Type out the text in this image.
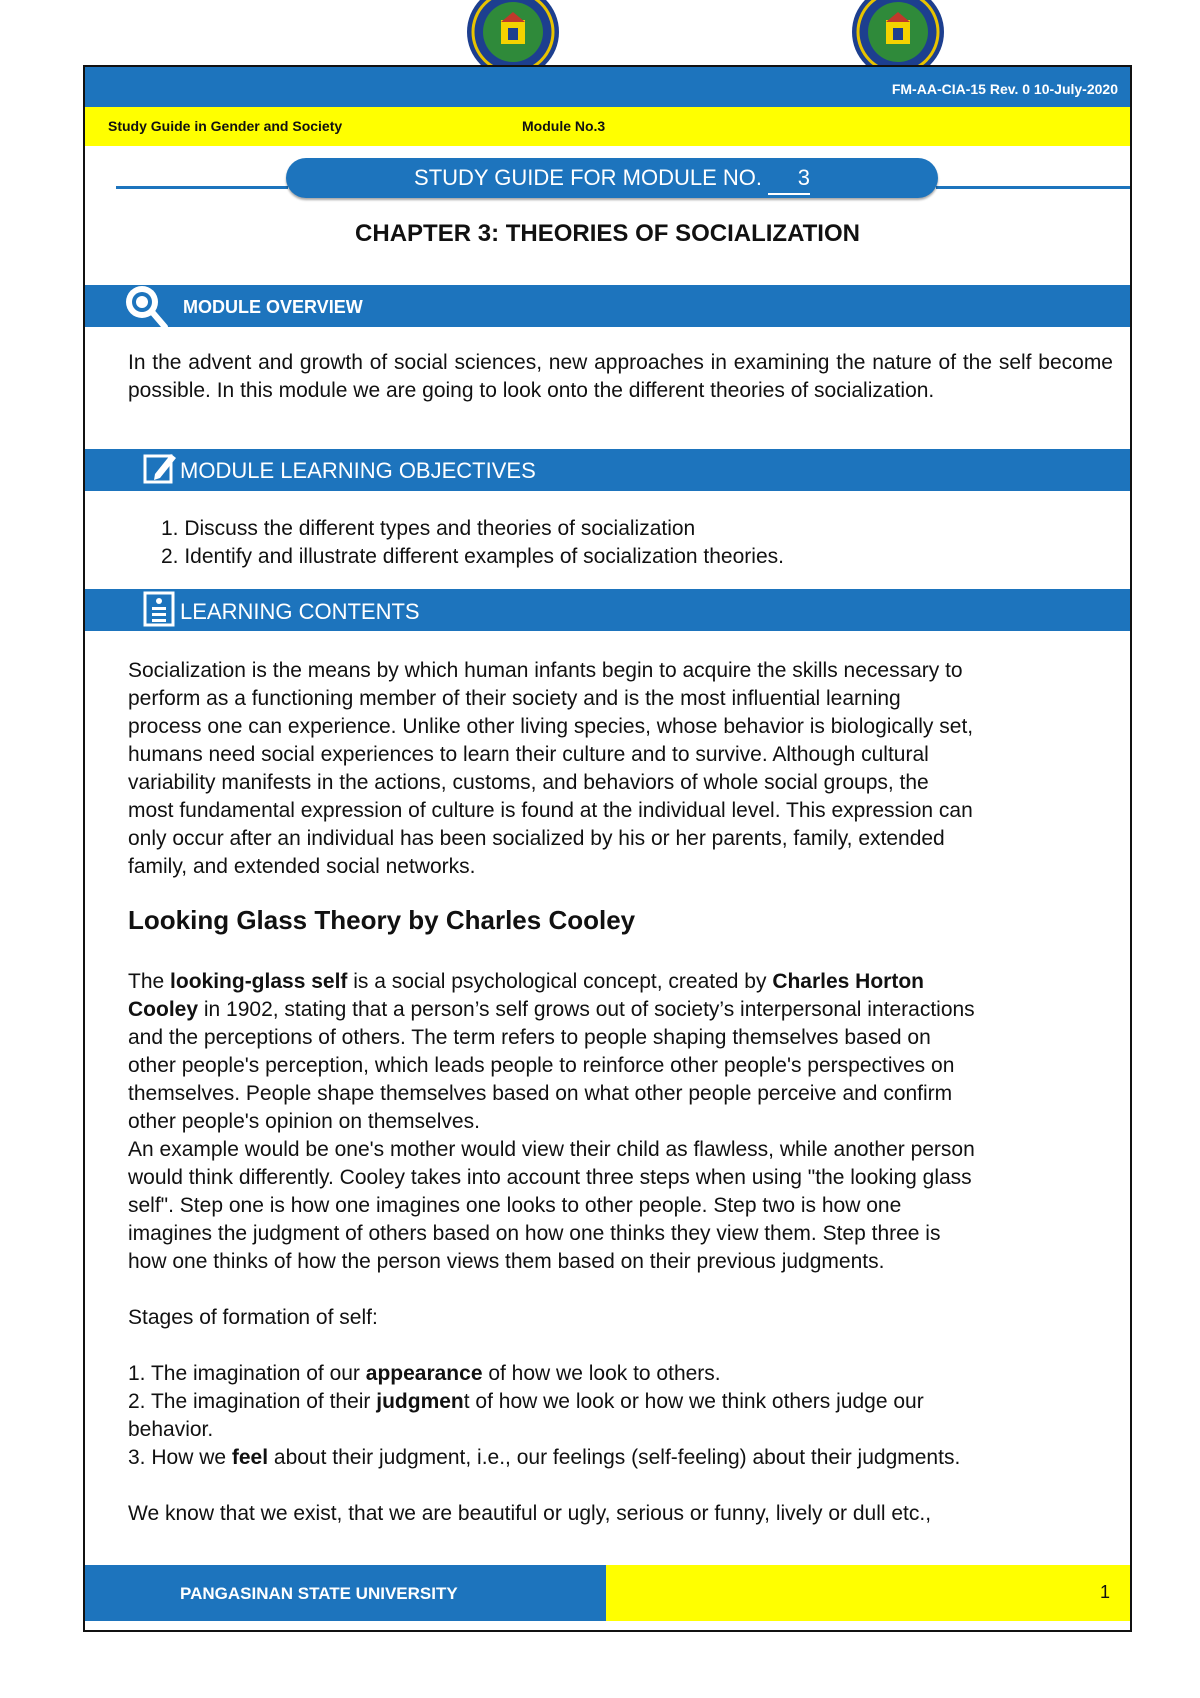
FM-AA-CIA-15 Rev. 0 10-July-2020
Study Guide in Gender and Society	Module No.3
STUDY GUIDE FOR MODULE NO. 3
CHAPTER 3: THEORIES OF SOCIALIZATION
MODULE OVERVIEW

In the advent and growth of social sciences, new approaches in examining the nature of the self become possible. In this module we are going to look onto the different theories of socialization.

MODULE LEARNING OBJECTIVES
1. Discuss the different types and theories of socialization
2. Identify and illustrate different examples of socialization theories.
LEARNING CONTENTS
Socialization is the means by which human infants begin to acquire the skills necessary to
perform as a functioning member of their society and is the most influential learning
process one can experience. Unlike other living species, whose behavior is biologically set,
humans need social experiences to learn their culture and to survive. Although cultural
variability manifests in the actions, customs, and behaviors of whole social groups, the
most fundamental expression of culture is found at the individual level. This expression can
only occur after an individual has been socialized by his or her parents, family, extended
family, and extended social networks.
Looking Glass Theory by Charles Cooley
The looking-glass self is a social psychological concept, created by Charles Horton
Cooley in 1902, stating that a person’s self grows out of society’s interpersonal interactions
and the perceptions of others. The term refers to people shaping themselves based on
other people's perception, which leads people to reinforce other people's perspectives on
themselves. People shape themselves based on what other people perceive and confirm
other people's opinion on themselves.
An example would be one's mother would view their child as flawless, while another person
would think differently. Cooley takes into account three steps when using "the looking glass
self". Step one is how one imagines one looks to other people. Step two is how one
imagines the judgment of others based on how one thinks they view them. Step three is
how one thinks of how the person views them based on their previous judgments.
Stages of formation of self:
1. The imagination of our appearance of how we look to others.
2. The imagination of their judgment of how we look or how we think others judge our
behavior.
3. How we feel about their judgment, i.e., our feelings (self-feeling) about their judgments.
We know that we exist, that we are beautiful or ugly, serious or funny, lively or dull etc.,
PANGASINAN STATE UNIVERSITY	1
